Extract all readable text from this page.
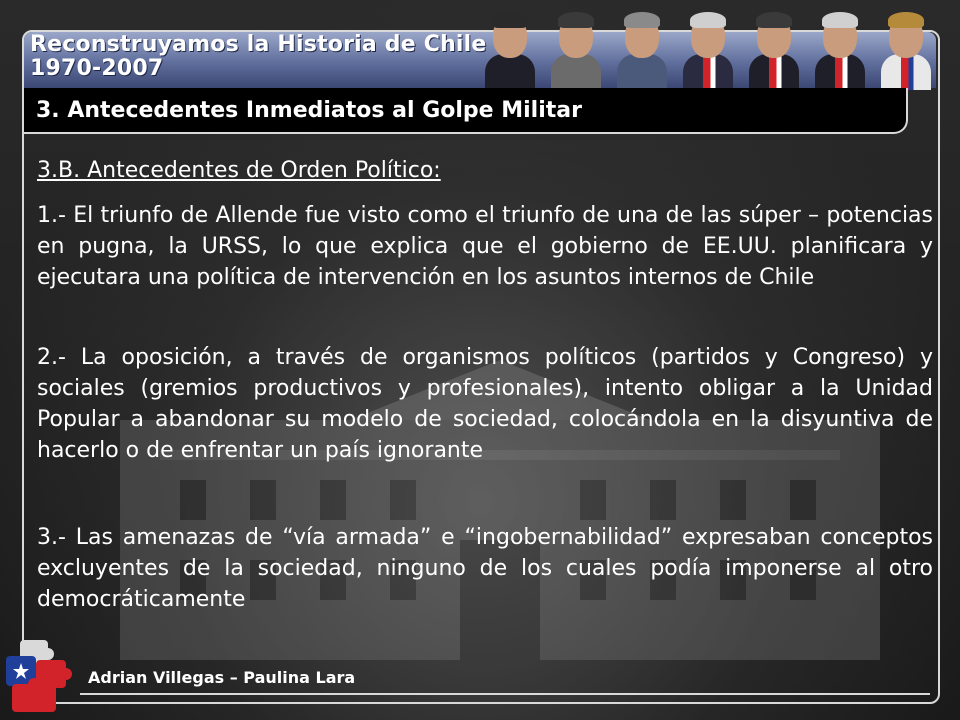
Reconstruyamos la Historia de Chile
1970-2007
3. Antecedentes Inmediatos al Golpe Militar
3.B. Antecedentes de Orden Político:
1.- El triunfo de Allende fue visto como el triunfo de una de las súper – potencias en pugna, la URSS, lo que explica que el gobierno de EE.UU. planificara y ejecutara una política de intervención en los asuntos internos de Chile
2.- La oposición, a través de organismos políticos (partidos y Congreso) y sociales (gremios productivos y profesionales), intento obligar a la Unidad Popular a abandonar su modelo de sociedad, colocándola en la disyuntiva de hacerlo o de enfrentar un país ignorante
3.- Las amenazas de “vía armada” e “ingobernabilidad” expresaban conceptos excluyentes de la sociedad, ninguno de los cuales podía imponerse al otro democráticamente
Adrian Villegas – Paulina Lara
